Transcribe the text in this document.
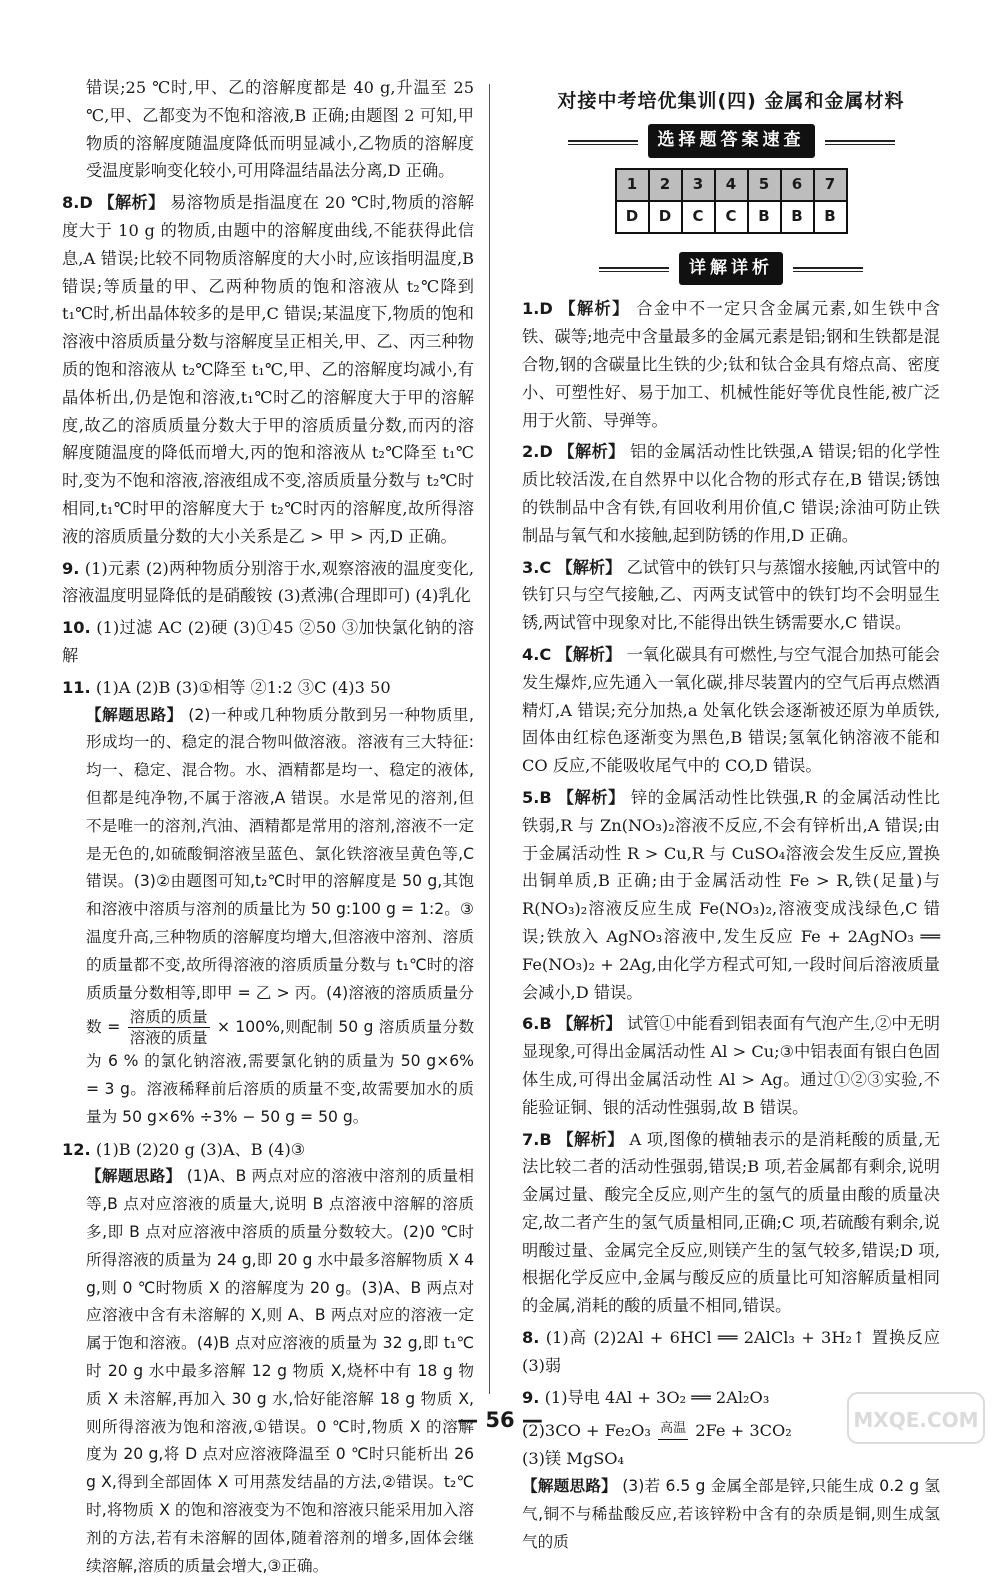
错误;25 ℃时,甲、乙的溶解度都是 40 g,升温至 25 ℃,甲、乙都变为不饱和溶液,B 正确;由题图 2 可知,甲物质的溶解度随温度降低而明显减小,乙物质的溶解度受温度影响变化较小,可用降温结晶法分离,D 正确。

8.D 【解析】 易溶物质是指温度在 20 ℃时,物质的溶解度大于 10 g 的物质,由题中的溶解度曲线,不能获得此信息,A 错误;比较不同物质溶解度的大小时,应该指明温度,B 错误;等质量的甲、乙两种物质的饱和溶液从 t₂℃降到 t₁℃时,析出晶体较多的是甲,C 错误;某温度下,物质的饱和溶液中溶质质量分数与溶解度呈正相关,甲、乙、丙三种物质的饱和溶液从 t₂℃降至 t₁℃,甲、乙的溶解度均减小,有晶体析出,仍是饱和溶液,t₁℃时乙的溶解度大于甲的溶解度,故乙的溶质质量分数大于甲的溶质质量分数,而丙的溶解度随温度的降低而增大,丙的饱和溶液从 t₂℃降至 t₁℃时,变为不饱和溶液,溶液组成不变,溶质质量分数与 t₂℃时相同,t₁℃时甲的溶解度大于 t₂℃时丙的溶解度,故所得溶液的溶质质量分数的大小关系是乙 > 甲 > 丙,D 正确。

9. (1)元素 (2)两种物质分别溶于水,观察溶液的温度变化,溶液温度明显降低的是硝酸铵 (3)煮沸(合理即可) (4)乳化

10. (1)过滤 AC (2)硬 (3)①45 ②50 ③加快氯化钠的溶解

11. (1)A (2)B (3)①相等 ②1:2 ③C (4)3 50

【解题思路】 (2)一种或几种物质分散到另一种物质里,形成均一的、稳定的混合物叫做溶液。溶液有三大特征:均一、稳定、混合物。水、酒精都是均一、稳定的液体,但都是纯净物,不属于溶液,A 错误。水是常见的溶剂,但不是唯一的溶剂,汽油、酒精都是常用的溶剂,溶液不一定是无色的,如硫酸铜溶液呈蓝色、氯化铁溶液呈黄色等,C 错误。(3)②由题图可知,t₂℃时甲的溶解度是 50 g,其饱和溶液中溶质与溶剂的质量比为 50 g:100 g = 1:2。③温度升高,三种物质的溶解度均增大,但溶液中溶剂、溶质的质量都不变,故所得溶液的溶质质量分数与 t₁℃时的溶质质量分数相等,即甲 = 乙 > 丙。(4)溶液的溶质质量分数 = $\frac{\text{溶质的质量}}{\text{溶液的质量}} \times 100\%$,则配制 50 g 溶质质量分数为 6 % 的氯化钠溶液,需要氯化钠的质量为 50 g×6% = 3 g。溶液稀释前后溶质的质量不变,故需要加水的质量为 50 g×6% ÷3% − 50 g = 50 g。

12. (1)B (2)20 g (3)A、B (4)③

【解题思路】 (1)A、B 两点对应的溶液中溶剂的质量相等,B 点对应溶液的质量大,说明 B 点溶液中溶解的溶质多,即 B 点对应溶液中溶质的质量分数较大。(2)0 ℃时所得溶液的质量为 24 g,即 20 g 水中最多溶解物质 X 4 g,则 0 ℃时物质 X 的溶解度为 20 g。(3)A、B 两点对应溶液中含有未溶解的 X,则 A、B 两点对应的溶液一定属于饱和溶液。(4)B 点对应溶液的质量为 32 g,即 t₁℃时 20 g 水中最多溶解 12 g 物质 X,烧杯中有 18 g 物质 X 未溶解,再加入 30 g 水,恰好能溶解 18 g 物质 X,则所得溶液为饱和溶液,①错误。0 ℃时,物质 X 的溶解度为 20 g,将 D 点对应溶液降温至 0 ℃时只能析出 26 g X,得到全部固体 X 可用蒸发结晶的方法,②错误。t₂℃时,将物质 X 的饱和溶液变为不饱和溶液只能采用加入溶剂的方法,若有未溶解的固体,随着溶剂的增多,固体会继续溶解,溶质的质量会增大,③正确。

对接中考培优集训(四) 金属和金属材料
选择题答案速查
1	2	3	4	5	6	7
D	D	C	C	B	B	B
详解详析

1.D 【解析】 合金中不一定只含金属元素,如生铁中含铁、碳等;地壳中含量最多的金属元素是铝;钢和生铁都是混合物,钢的含碳量比生铁的少;钛和钛合金具有熔点高、密度小、可塑性好、易于加工、机械性能好等优良性能,被广泛用于火箭、导弹等。

2.D 【解析】 铝的金属活动性比铁强,A 错误;铝的化学性质比较活泼,在自然界中以化合物的形式存在,B 错误;锈蚀的铁制品中含有铁,有回收利用价值,C 错误;涂油可防止铁制品与氧气和水接触,起到防锈的作用,D 正确。

3.C 【解析】 乙试管中的铁钉只与蒸馏水接触,丙试管中的铁钉只与空气接触,乙、丙两支试管中的铁钉均不会明显生锈,两试管中现象对比,不能得出铁生锈需要水,C 错误。

4.C 【解析】 一氧化碳具有可燃性,与空气混合加热可能会发生爆炸,应先通入一氧化碳,排尽装置内的空气后再点燃酒精灯,A 错误;充分加热,a 处氧化铁会逐渐被还原为单质铁,固体由红棕色逐渐变为黑色,B 错误;氢氧化钠溶液不能和 CO 反应,不能吸收尾气中的 CO,D 错误。

5.B 【解析】 锌的金属活动性比铁强,R 的金属活动性比铁弱,R 与 Zn(NO₃)₂溶液不反应,不会有锌析出,A 错误;由于金属活动性 R > Cu,R 与 CuSO₄溶液会发生反应,置换出铜单质,B 正确;由于金属活动性 Fe > R,铁(足量)与 R(NO₃)₂溶液反应生成 Fe(NO₃)₂,溶液变成浅绿色,C 错误;铁放入 AgNO₃溶液中,发生反应 Fe + 2AgNO₃ ══ Fe(NO₃)₂ + 2Ag,由化学方程式可知,一段时间后溶液质量会减小,D 错误。

6.B 【解析】 试管①中能看到铝表面有气泡产生,②中无明显现象,可得出金属活动性 Al > Cu;③中铝表面有银白色固体生成,可得出金属活动性 Al > Ag。通过①②③实验,不能验证铜、银的活动性强弱,故 B 错误。

7.B 【解析】 A 项,图像的横轴表示的是消耗酸的质量,无法比较二者的活动性强弱,错误;B 项,若金属都有剩余,说明金属过量、酸完全反应,则产生的氢气的质量由酸的质量决定,故二者产生的氢气质量相同,正确;C 项,若硫酸有剩余,说明酸过量、金属完全反应,则镁产生的氢气较多,错误;D 项,根据化学反应中,金属与酸反应的质量比可知溶解质量相同的金属,消耗的酸的质量不相同,错误。

8. (1)高 (2)2Al + 6HCl ══ 2AlCl₃ + 3H₂↑ 置换反应 (3)弱

9. (1)导电 4Al + 3O₂ ══ 2Al₂O₃

(2)3CO + Fe₂O₃ 高温
2Fe + 3CO₂

(3)镁 MgSO₄

【解题思路】 (3)若 6.5 g 金属全部是锌,只能生成 0.2 g 氢气,铜不与稀盐酸反应,若该锌粉中含有的杂质是铜,则生成氢气的质

— 56 —	MXQE.COM
